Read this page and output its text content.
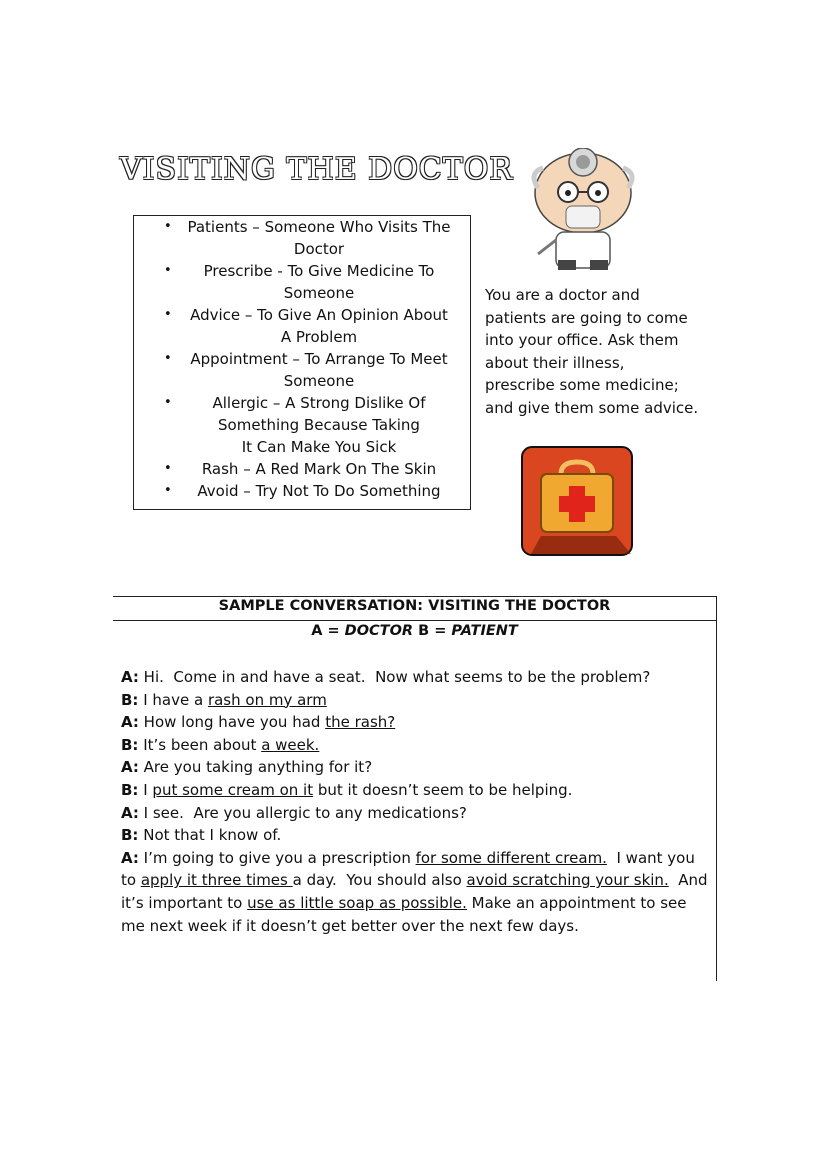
VISITING THE DOCTOR
•	Patients – Someone Who Visits The
Doctor
•	Prescribe - To Give Medicine To
Someone
•	Advice – To Give An Opinion About
A Problem
•	Appointment – To Arrange To Meet
Someone
•	Allergic – A Strong Dislike Of
Something Because Taking
It Can Make You Sick
•	Rash – A Red Mark On The Skin
•	Avoid – Try Not To Do Something
You are a doctor and
patients are going to come
into your office. Ask them
about their illness,
prescribe some medicine;
and give them some advice.
SAMPLE CONVERSATION: VISITING THE DOCTOR
A = DOCTOR B = PATIENT
A: Hi.  Come in and have a seat.  Now what seems to be the problem?
B: I have a rash on my arm
A: How long have you had the rash?
B: It’s been about a week.
A: Are you taking anything for it?
B: I put some cream on it but it doesn’t seem to be helping.
A: I see.  Are you allergic to any medications?
B: Not that I know of.
A: I’m going to give you a prescription for some different cream.  I want you
to apply it three times a day.  You should also avoid scratching your skin.  And
it’s important to use as little soap as possible. Make an appointment to see
me next week if it doesn’t get better over the next few days.
